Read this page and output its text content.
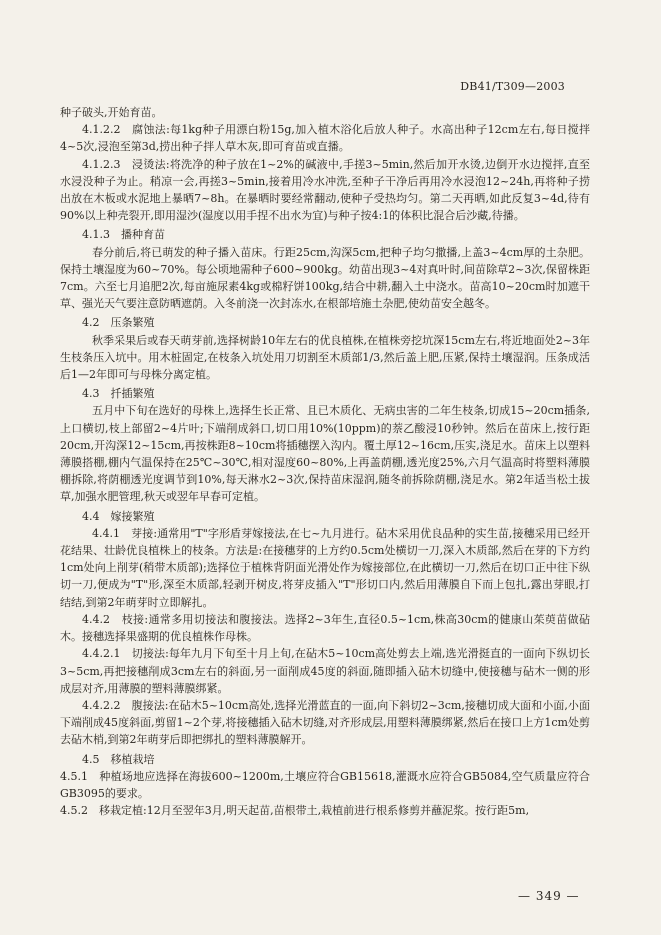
DB41/T309—2003

种子破头,开始育苗。

4.1.2.2　腐蚀法:每1kg种子用漂白粉15g,加入植木浴化后放人种子。水高出种子12cm左右,每日搅拌4~5次,浸泡至第3d,捞出种子拌人草木灰,即可育苗或直播。

4.1.2.3　浸烫法:将洗净的种子放在1~2%的碱液中,手搓3~5min,然后加开水烫,边倒开水边搅拌,直至水浸没种子为止。稍凉一会,再搓3~5min,接着用冷水冲洗,至种子干净后再用冷水浸泡12~24h,再将种子捞出放在木板或水泥地上暴晒7~8h。在暴晒时要经常翻动,使种子受热均匀。第二天再晒,如此反复3~4d,待有90%以上种壳裂开,即用湿沙(湿度以用手捏不出水为宜)与种子按4:1的体积比混合后沙藏,待播。

4.1.3　播种育苗

春分前后,将已萌发的种子播入苗床。行距25cm,沟深5cm,把种子均匀撒播,上盖3~4cm厚的土杂肥。保持土壤湿度为60~70%。每公顷地需种子600~900kg。幼苗出现3~4对真叶时,间苗除草2~3次,保留株距7cm。六至七月追肥2次,每亩施尿素4kg或棉籽饼100kg,结合中耕,翻入土中浇水。苗高10~20cm时加遮干草、强光天气要注意防晒遮荫。入冬前浇一次封冻水,在根部培施土杂肥,使幼苗安全越冬。

4.2　压条繁殖

秋季采果后或春天萌芽前,选择树龄10年左右的优良植株,在植株旁挖坑深15cm左右,将近地面处2~3年生枝条压入坑中。用木桩固定,在枝条入坑处用刀切割至木质部1/3,然后盖上肥,压紧,保持土壤湿润。压条成活后1—2年即可与母株分离定植。

4.3　扦插繁殖

五月中下旬在选好的母株上,选择生长正常、且已木质化、无病虫害的二年生枝条,切成15~20cm插条,上口横切,枝上部留2~4片叶;下端削成斜口,切口用10%(10ppm)的萘乙酸浸10秒钟。然后在苗床上,按行距20cm,开沟深12~15cm,再按株距8~10cm将插穗摆入沟内。覆土厚12~16cm,压实,浇足水。苗床上以塑料薄膜搭棚,棚内气温保持在25℃~30℃,相对湿度60~80%,上再盖荫棚,透光度25%,六月气温高时将塑料薄膜棚拆除,将荫棚透光度调节到10%,每天淋水2~3次,保持苗床湿润,随冬前拆除荫棚,浇足水。第2年适当松土拔草,加强水肥管理,秋天或翌年早春可定植。

4.4　嫁接繁殖

4.4.1　芽接:通常用"T"字形盾芽嫁接法,在七~九月进行。砧木采用优良品种的实生苗,接穗采用已经开花结果、壮龄优良植株上的枝条。方法是:在接穗芽的上方约0.5cm处横切一刀,深入木质部,然后在芽的下方约1cm处向上削芽(稍带木质部);选择位于植株背阴面光滑处作为嫁接部位,在此横切一刀,然后在切口正中往下纵切一刀,便成为"T"形,深至木质部,轻剥开树皮,将芽皮插入"T"形切口内,然后用薄膜自下而上包扎,露出芽眼,打结结,到第2年萌芽时立即解扎。

4.4.2　枝接:通常多用切接法和腹接法。选择2~3年生,直径0.5~1cm,株高30cm的健康山茱萸苗做砧木。接穗选择果盛期的优良植株作母株。

4.4.2.1　切接法:每年九月下旬至十月上旬,在砧木5~10cm高处剪去上端,选光滑挺直的一面向下纵切长3~5cm,再把接穗削成3cm左右的斜面,另一面削成45度的斜面,随即插入砧木切缝中,使接穗与砧木一侧的形成层对齐,用薄膜的塑料薄膜绑紧。

4.4.2.2　腹接法:在砧木5~10cm高处,选择光滑蓝直的一面,向下斜切2~3cm,接穗切成大面和小面,小面下端削成45度斜面,剪留1~2个芽,将接穗插入砧木切缝,对齐形成层,用塑料薄膜绑紧,然后在接口上方1cm处剪去砧木梢,到第2年萌芽后即把绑扎的塑料薄膜解开。

4.5　移植栽培

4.5.1　种植场地应选择在海拔600~1200m,土壤应符合GB15618,灌溉水应符合GB5084,空气质量应符合GB3095的要求。

4.5.2　移栽定植:12月至翌年3月,明天起苗,苗根带土,栽植前进行根系修剪并蘸泥浆。按行距5m,

— 349 —
